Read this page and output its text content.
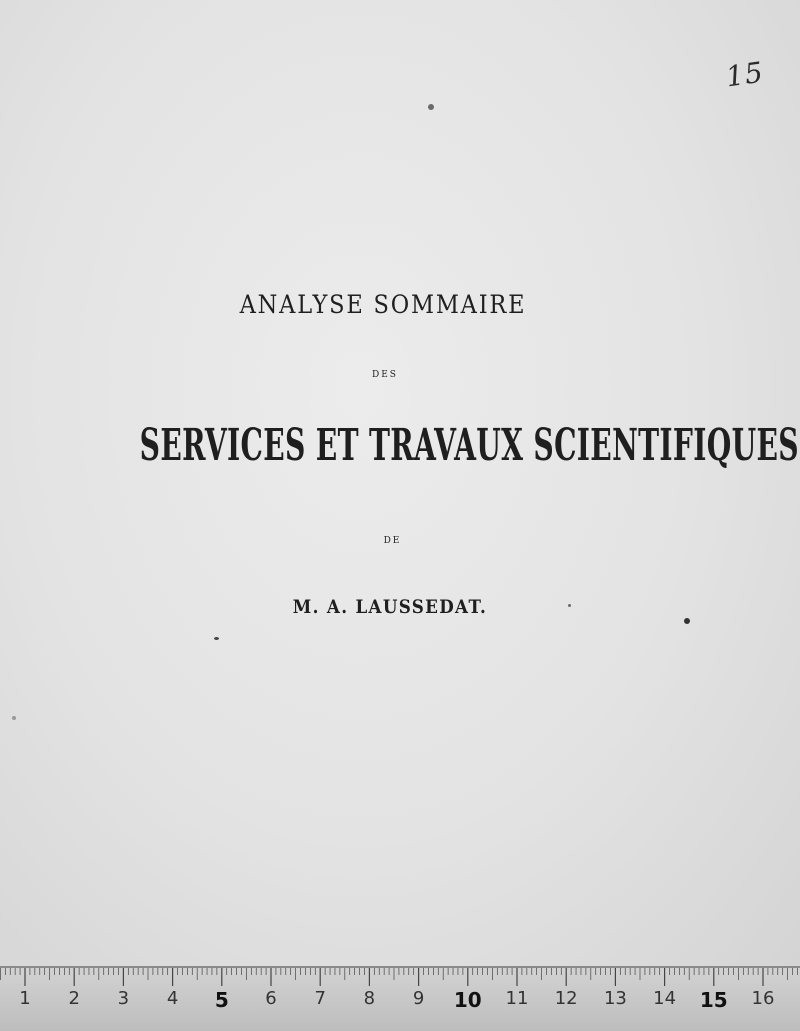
15
ANALYSE SOMMAIRE
DES
SERVICES ET TRAVAUX SCIENTIFIQUES
DE
M. A. LAUSSEDAT.
1 2 3 4 5 6 7 8 9 10 11 12 13 14 15 16
